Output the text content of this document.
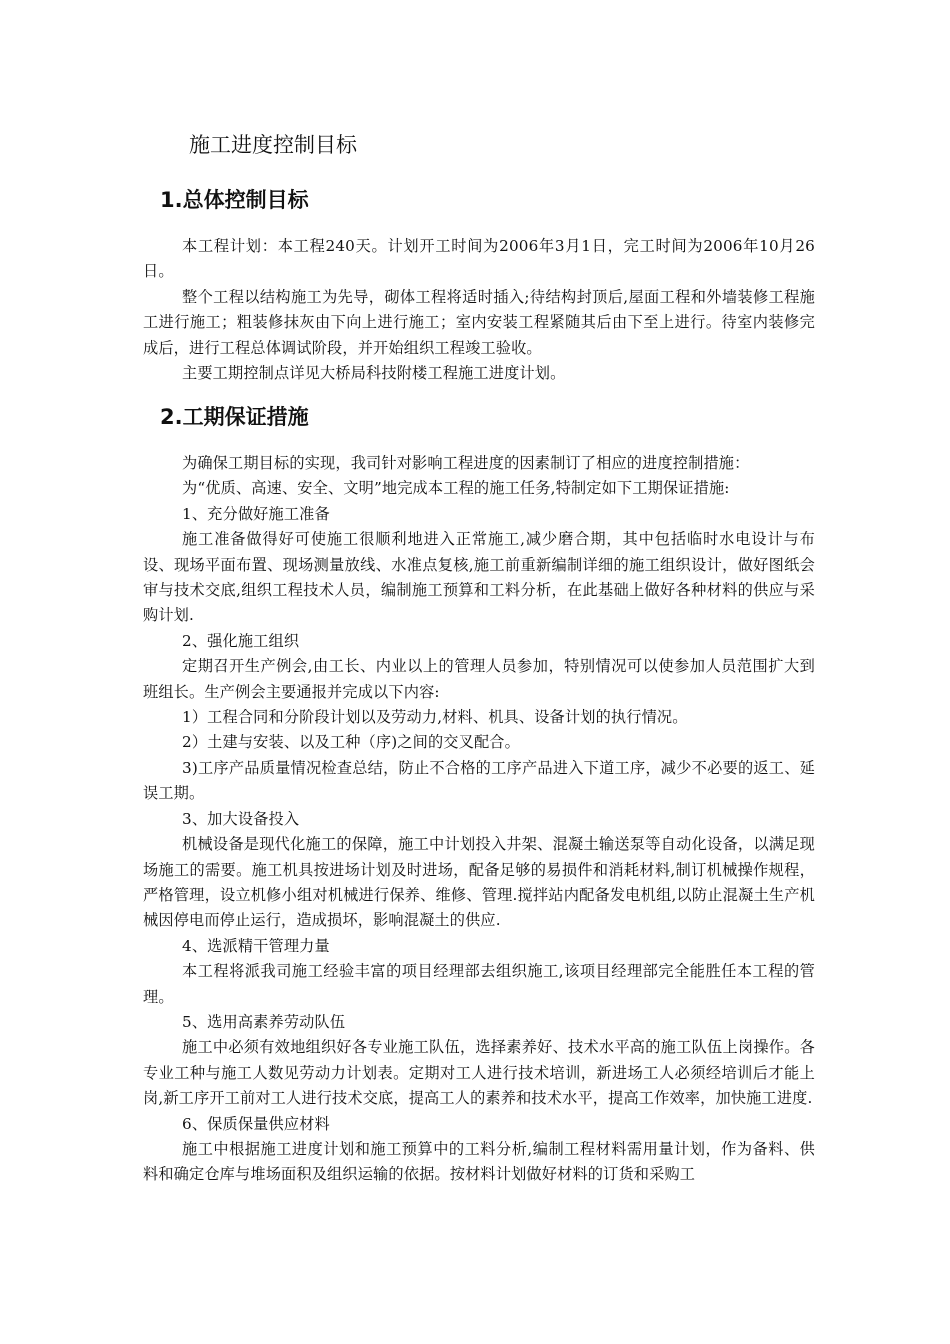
施工进度控制目标
1.总体控制目标

本工程计划：本工程240天。计划开工时间为2006年3月1日，完工时间为2006年10月26日。

整个工程以结构施工为先导，砌体工程将适时插入;待结构封顶后,屋面工程和外墙装修工程施工进行施工；粗装修抹灰由下向上进行施工；室内安装工程紧随其后由下至上进行。待室内装修完成后，进行工程总体调试阶段，并开始组织工程竣工验收。

主要工期控制点详见大桥局科技附楼工程施工进度计划。

2.工期保证措施

为确保工期目标的实现，我司针对影响工程进度的因素制订了相应的进度控制措施：

为“优质、高速、安全、文明”地完成本工程的施工任务,特制定如下工期保证措施:

1、充分做好施工准备

施工准备做得好可使施工很顺利地进入正常施工,减少磨合期，其中包括临时水电设计与布设、现场平面布置、现场测量放线、水准点复核,施工前重新编制详细的施工组织设计，做好图纸会审与技术交底,组织工程技术人员，编制施工预算和工料分析，在此基础上做好各种材料的供应与采购计划.

2、强化施工组织

定期召开生产例会,由工长、内业以上的管理人员参加，特别情况可以使参加人员范围扩大到班组长。生产例会主要通报并完成以下内容:

1）工程合同和分阶段计划以及劳动力,材料、机具、设备计划的执行情况。

2）土建与安装、以及工种（序)之间的交叉配合。

3)工序产品质量情况检查总结，防止不合格的工序产品进入下道工序，减少不必要的返工、延误工期。

3、加大设备投入

机械设备是现代化施工的保障，施工中计划投入井架、混凝土输送泵等自动化设备，以满足现场施工的需要。施工机具按进场计划及时进场，配备足够的易损件和消耗材料,制订机械操作规程，严格管理，设立机修小组对机械进行保养、维修、管理.搅拌站内配备发电机组,以防止混凝土生产机械因停电而停止运行，造成损坏，影响混凝土的供应.

4、选派精干管理力量

本工程将派我司施工经验丰富的项目经理部去组织施工,该项目经理部完全能胜任本工程的管理。

5、选用高素养劳动队伍

施工中必须有效地组织好各专业施工队伍，选择素养好、技术水平高的施工队伍上岗操作。各专业工种与施工人数见劳动力计划表。定期对工人进行技术培训，新进场工人必须经培训后才能上岗,新工序开工前对工人进行技术交底，提高工人的素养和技术水平，提高工作效率，加快施工进度.

6、保质保量供应材料

施工中根据施工进度计划和施工预算中的工料分析,编制工程材料需用量计划，作为备料、供料和确定仓库与堆场面积及组织运输的依据。按材料计划做好材料的订货和采购工
